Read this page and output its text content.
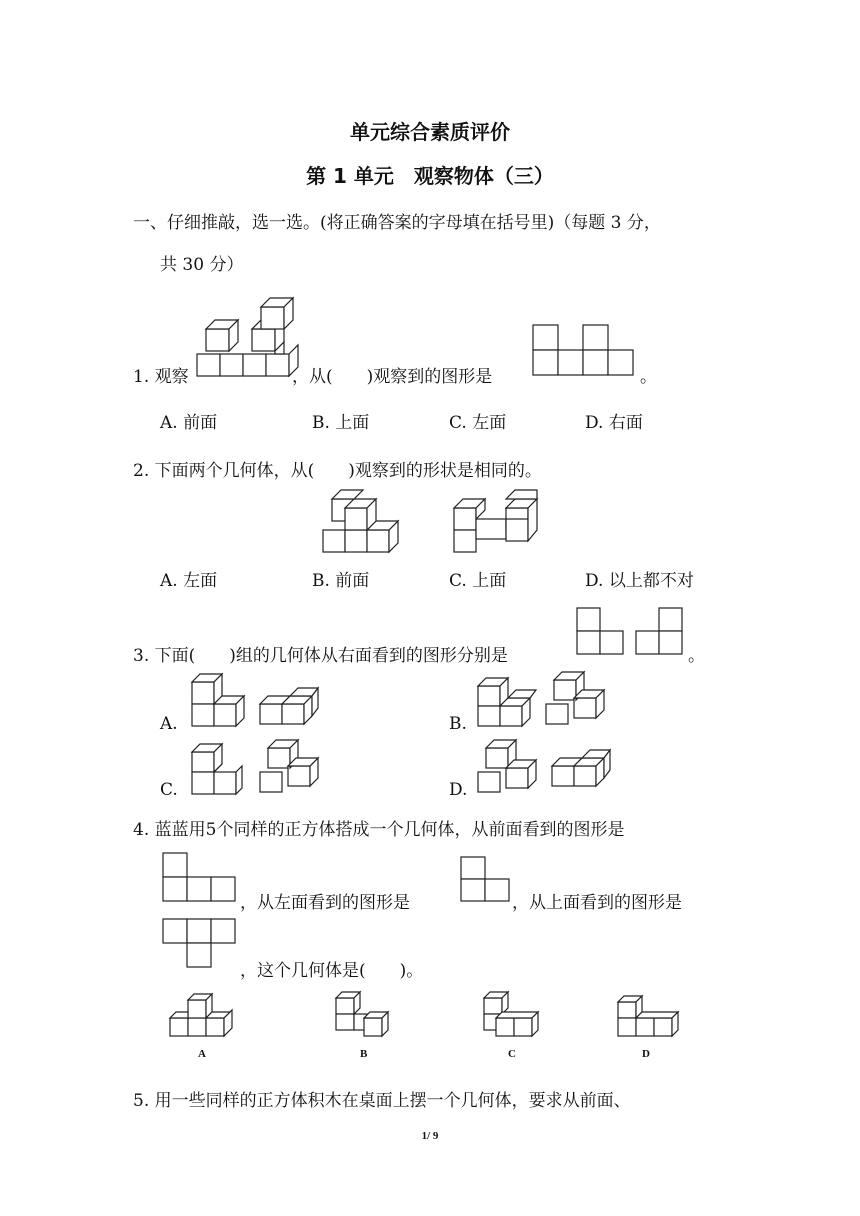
单元综合素质评价
第 1 单元　观察物体（三）
一、仔细推敲，选一选。(将正确答案的字母填在括号里)（每题 3 分，
共 30 分）
1. 观察	，从(　　)观察到的图形是	。
A. 前面	B. 上面	C. 左面	D. 右面
2. 下面两个几何体，从(　　)观察到的形状是相同的。
A. 左面	B. 前面	C. 上面	D. 以上都不对
3. 下面(　　)组的几何体从右面看到的图形分别是	。
A.	B.
C.	D.
4. 蓝蓝用5个同样的正方体搭成一个几何体，从前面看到的图形是
，从左面看到的图形是	，从上面看到的图形是
，这个几何体是(　　)。
A	B	C	D
5. 用一些同样的正方体积木在桌面上摆一个几何体，要求从前面、
1/ 9
